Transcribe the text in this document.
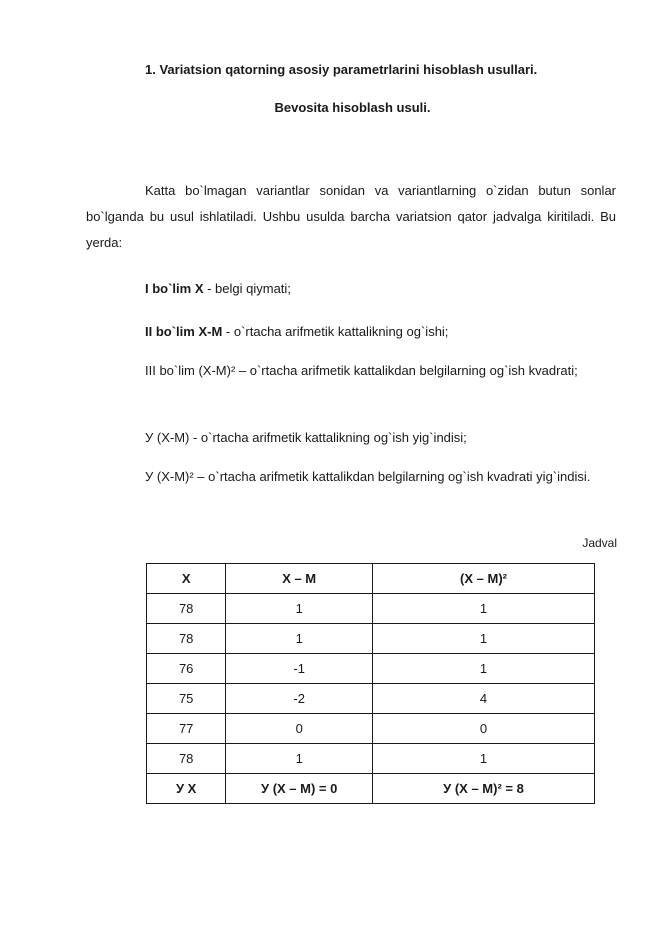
1. Variatsion qatorning asosiy parametrlarini hisoblash usullari.
Bevosita hisoblash usuli.
Katta bo`lmagan variantlar sonidan va variantlarning o`zidan butun sonlar bo`lganda bu usul ishlatiladi. Ushbu usulda barcha variatsion qator jadvalga kiritiladi. Bu yerda:
I bo`lim X - belgi qiymati;
II bo`lim X-M - o`rtacha arifmetik kattalikning og`ishi;
III bo`lim (X-M)² – o`rtacha arifmetik kattalikdan belgilarning og`ish kvadrati;
У (X-M) - o`rtacha arifmetik kattalikning og`ish yig`indisi;
У (X-M)² – o`rtacha arifmetik kattalikdan belgilarning og`ish kvadrati yig`indisi.
Jadval
X	X – M	(X – M)²
78	1	1
78	1	1
76	-1	1
75	-2	4
77	0	0
78	1	1
У X	У (X – M) = 0	У (X – M)² = 8
